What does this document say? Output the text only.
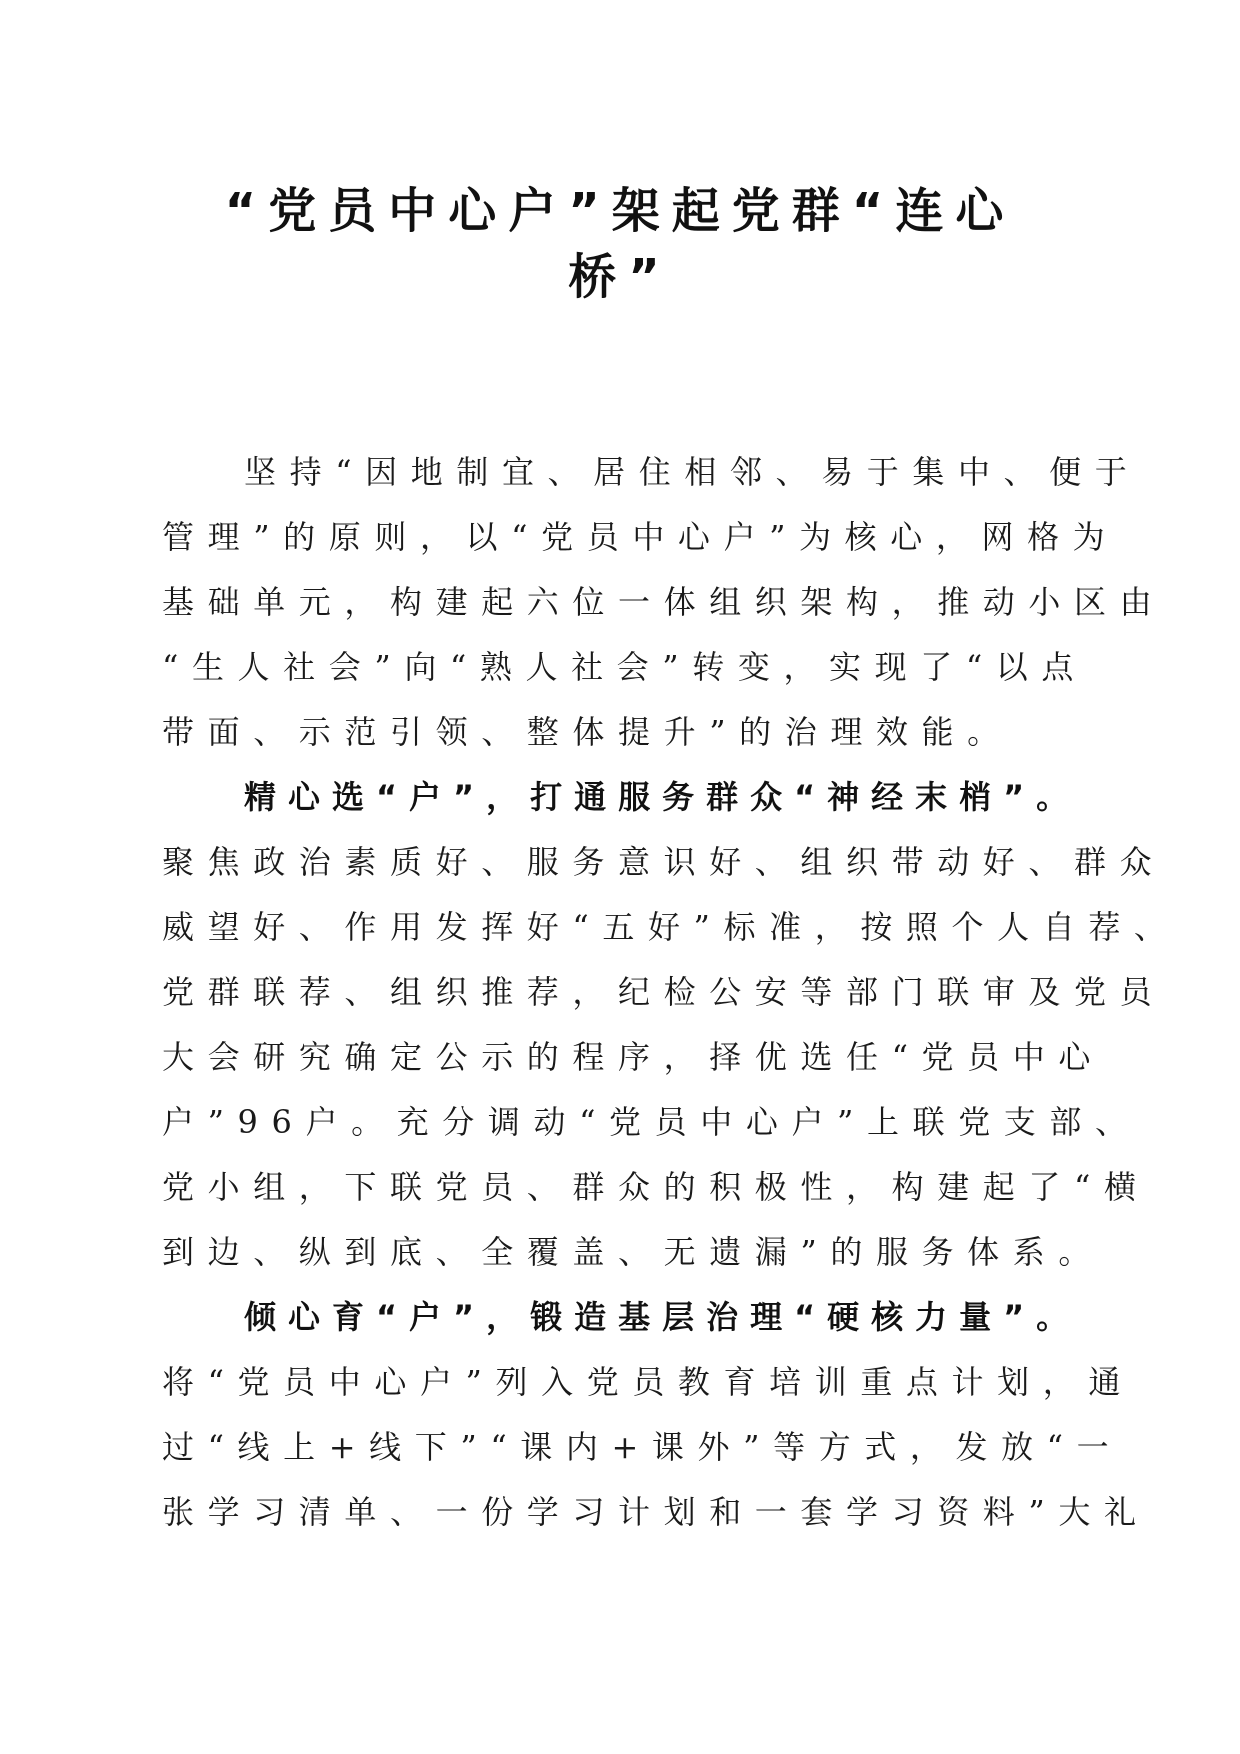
“党员中心户”架起党群“连心
桥”
坚持“因地制宜、居住相邻、易于集中、便于
管理”的原则，以“党员中心户”为核心，网格为
基础单元，构建起六位一体组织架构，推动小区由
“生人社会”向“熟人社会”转变，实现了“以点
带面、示范引领、整体提升”的治理效能。
精心选“户”，打通服务群众“神经末梢”。
聚焦政治素质好、服务意识好、组织带动好、群众
威望好、作用发挥好“五好”标准，按照个人自荐、
党群联荐、组织推荐，纪检公安等部门联审及党员
大会研究确定公示的程序，择优选任“党员中心
户”96户。充分调动“党员中心户”上联党支部、
党小组，下联党员、群众的积极性，构建起了“横
到边、纵到底、全覆盖、无遗漏”的服务体系。
倾心育“户”，锻造基层治理“硬核力量”。
将“党员中心户”列入党员教育培训重点计划，通
过“线上+线下”“课内+课外”等方式，发放“一
张学习清单、一份学习计划和一套学习资料”大礼
